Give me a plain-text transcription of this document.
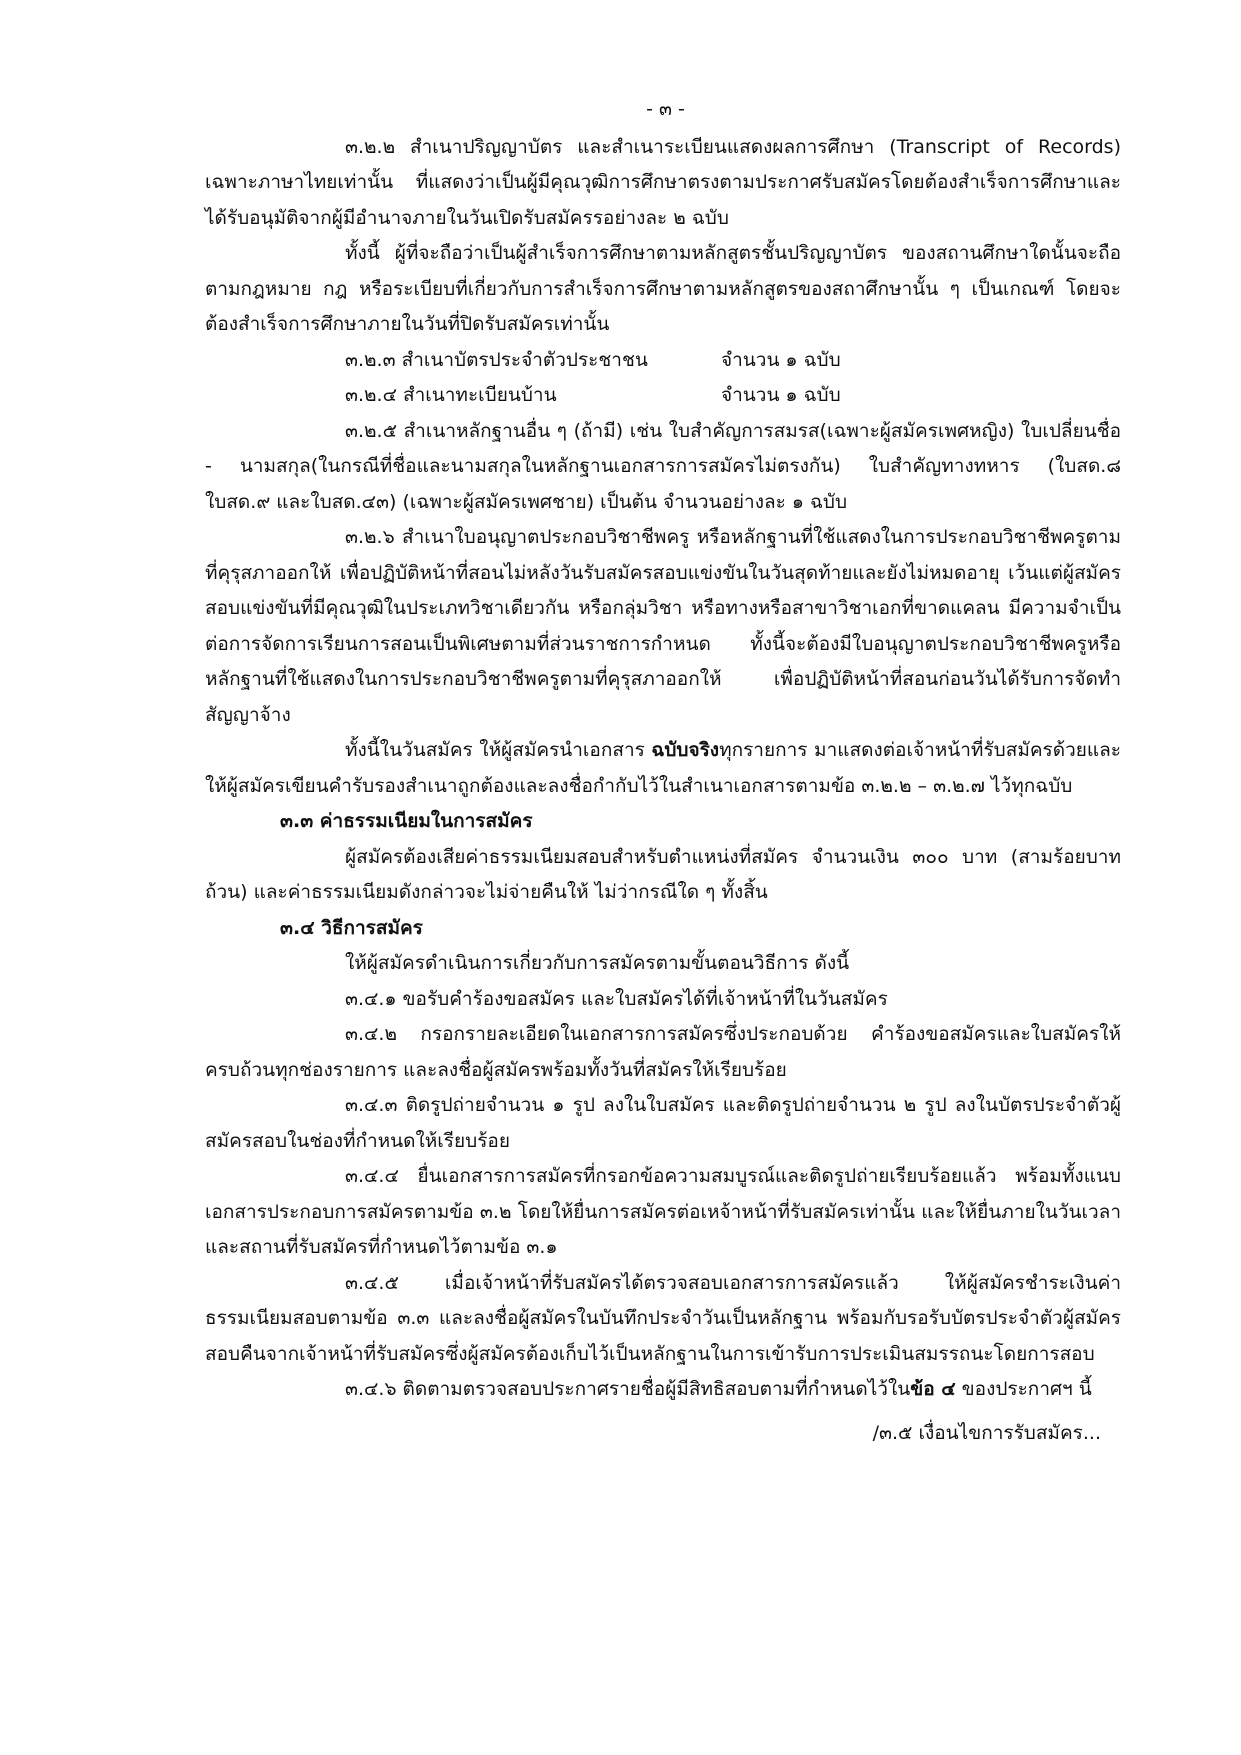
- ๓ -

๓.๒.๒ สำเนาปริญญาบัตร และสำเนาระเบียนแสดงผลการศึกษา (Transcript of Records) เฉพาะภาษาไทยเท่านั้น ที่แสดงว่าเป็นผู้มีคุณวุฒิการศึกษาตรงตามประกาศรับสมัครโดยต้องสำเร็จการศึกษาและได้รับอนุมัติจากผู้มีอำนาจภายในวันเปิดรับสมัครรอย่างละ ๒ ฉบับ

ทั้งนี้ ผู้ที่จะถือว่าเป็นผู้สำเร็จการศึกษาตามหลักสูตรชั้นปริญญาบัตร ของสถานศึกษาใดนั้นจะถือตามกฎหมาย กฎ หรือระเบียบที่เกี่ยวกับการสำเร็จการศึกษาตามหลักสูตรของสถาศึกษานั้น ๆ เป็นเกณฑ์ โดยจะต้องสำเร็จการศึกษาภายในวันที่ปิดรับสมัครเท่านั้น

๓.๒.๓ สำเนาบัตรประจำตัวประชาชน	จำนวน ๑ ฉบับ
๓.๒.๔ สำเนาทะเบียนบ้าน	จำนวน ๑ ฉบับ

๓.๒.๕ สำเนาหลักฐานอื่น ๆ (ถ้ามี) เช่น ใบสำคัญการสมรส(เฉพาะผู้สมัครเพศหญิง) ใบเปลี่ยนชื่อ - นามสกุล(ในกรณีที่ชื่อและนามสกุลในหลักฐานเอกสารการสมัครไม่ตรงกัน) ใบสำคัญทางทหาร (ใบสด.๘ ใบสด.๙ และใบสด.๔๓) (เฉพาะผู้สมัครเพศชาย) เป็นต้น จำนวนอย่างละ ๑ ฉบับ

๓.๒.๖ สำเนาใบอนุญาตประกอบวิชาชีพครู หรือหลักฐานที่ใช้แสดงในการประกอบวิชาชีพครูตามที่คุรุสภาออกให้ เพื่อปฏิบัติหน้าที่สอนไม่หลังวันรับสมัครสอบแข่งขันในวันสุดท้ายและยังไม่หมดอายุ เว้นแต่ผู้สมัครสอบแข่งขันที่มีคุณวุฒิในประเภทวิชาเดียวกัน หรือกลุ่มวิชา หรือทางหรือสาขาวิชาเอกที่ขาดแคลน มีความจำเป็นต่อการจัดการเรียนการสอนเป็นพิเศษตามที่ส่วนราชการกำหนด ทั้งนี้จะต้องมีใบอนุญาตประกอบวิชาชีพครูหรือหลักฐานที่ใช้แสดงในการประกอบวิชาชีพครูตามที่คุรุสภาออกให้ เพื่อปฏิบัติหน้าที่สอนก่อนวันได้รับการจัดทำสัญญาจ้าง

ทั้งนี้ในวันสมัคร ให้ผู้สมัครนำเอกสาร ฉบับจริงทุกรายการ มาแสดงต่อเจ้าหน้าที่รับสมัครด้วยและให้ผู้สมัครเขียนคำรับรองสำเนาถูกต้องและลงชื่อกำกับไว้ในสำเนาเอกสารตามข้อ ๓.๒.๒ – ๓.๒.๗ ไว้ทุกฉบับ

๓.๓ ค่าธรรมเนียมในการสมัคร

ผู้สมัครต้องเสียค่าธรรมเนียมสอบสำหรับตำแหน่งที่สมัคร จำนวนเงิน ๓๐๐ บาท (สามร้อยบาทถ้วน) และค่าธรรมเนียมดังกล่าวจะไม่จ่ายคืนให้ ไม่ว่ากรณีใด ๆ ทั้งสิ้น

๓.๔ วิธีการสมัคร

ให้ผู้สมัครดำเนินการเกี่ยวกับการสมัครตามขั้นตอนวิธีการ ดังนี้

๓.๔.๑ ขอรับคำร้องขอสมัคร และใบสมัครได้ที่เจ้าหน้าที่ในวันสมัคร

๓.๔.๒ กรอกรายละเอียดในเอกสารการสมัครซึ่งประกอบด้วย คำร้องขอสมัครและใบสมัครให้ครบถ้วนทุกช่องรายการ และลงชื่อผู้สมัครพร้อมทั้งวันที่สมัครให้เรียบร้อย

๓.๔.๓ ติดรูปถ่ายจำนวน ๑ รูป ลงในใบสมัคร และติดรูปถ่ายจำนวน ๒ รูป ลงในบัตรประจำตัวผู้สมัครสอบในช่องที่กำหนดให้เรียบร้อย

๓.๔.๔ ยื่นเอกสารการสมัครที่กรอกข้อความสมบูรณ์และติดรูปถ่ายเรียบร้อยแล้ว พร้อมทั้งแนบเอกสารประกอบการสมัครตามข้อ ๓.๒ โดยให้ยื่นการสมัครต่อเหจ้าหน้าที่รับสมัครเท่านั้น และให้ยื่นภายในวันเวลาและสถานที่รับสมัครที่กำหนดไว้ตามข้อ ๓.๑

๓.๔.๕ เมื่อเจ้าหน้าที่รับสมัครได้ตรวจสอบเอกสารการสมัครแล้ว ให้ผู้สมัครชำระเงินค่าธรรมเนียมสอบตามข้อ ๓.๓ และลงชื่อผู้สมัครในบันทึกประจำวันเป็นหลักฐาน พร้อมกับรอรับบัตรประจำตัวผู้สมัครสอบคืนจากเจ้าหน้าที่รับสมัครซึ่งผู้สมัครต้องเก็บไว้เป็นหลักฐานในการเข้ารับการประเมินสมรรถนะโดยการสอบ

๓.๔.๖ ติดตามตรวจสอบประกาศรายชื่อผู้มีสิทธิสอบตามที่กำหนดไว้ในข้อ ๔ ของประกาศฯ นี้

/๓.๕ เงื่อนไขการรับสมัคร...
